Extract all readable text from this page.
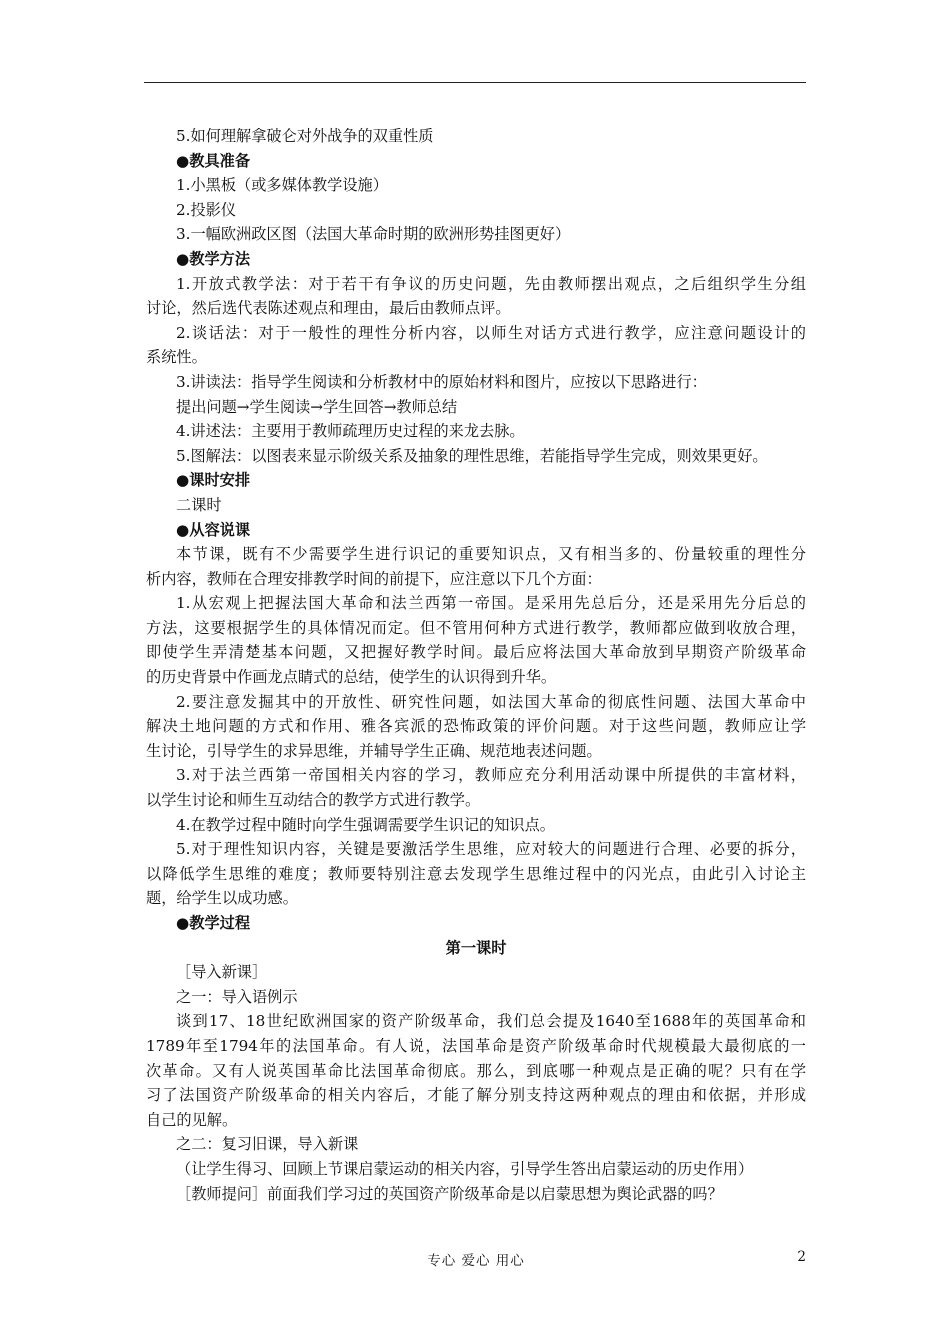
5.如何理解拿破仑对外战争的双重性质
●教具准备
1.小黑板（或多媒体教学设施）
2.投影仪
3.一幅欧洲政区图（法国大革命时期的欧洲形势挂图更好）
●教学方法
1.开放式教学法：对于若干有争议的历史问题，先由教师摆出观点，之后组织学生分组
讨论，然后选代表陈述观点和理由，最后由教师点评。
2.谈话法：对于一般性的理性分析内容，以师生对话方式进行教学，应注意问题设计的
系统性。
3.讲读法：指导学生阅读和分析教材中的原始材料和图片，应按以下思路进行：
提出问题→学生阅读→学生回答→教师总结
4.讲述法：主要用于教师疏理历史过程的来龙去脉。
5.图解法：以图表来显示阶级关系及抽象的理性思维，若能指导学生完成，则效果更好。
●课时安排
二课时
●从容说课
本节课，既有不少需要学生进行识记的重要知识点，又有相当多的、份量较重的理性分
析内容，教师在合理安排教学时间的前提下，应注意以下几个方面：
1.从宏观上把握法国大革命和法兰西第一帝国。是采用先总后分，还是采用先分后总的
方法，这要根据学生的具体情况而定。但不管用何种方式进行教学，教师都应做到收放合理，
即使学生弄清楚基本问题，又把握好教学时间。最后应将法国大革命放到早期资产阶级革命
的历史背景中作画龙点睛式的总结，使学生的认识得到升华。
2.要注意发掘其中的开放性、研究性问题，如法国大革命的彻底性问题、法国大革命中
解决土地问题的方式和作用、雅各宾派的恐怖政策的评价问题。对于这些问题，教师应让学
生讨论，引导学生的求异思维，并辅导学生正确、规范地表述问题。
3.对于法兰西第一帝国相关内容的学习，教师应充分利用活动课中所提供的丰富材料，
以学生讨论和师生互动结合的教学方式进行教学。
4.在教学过程中随时向学生强调需要学生识记的知识点。
5.对于理性知识内容，关键是要激活学生思维，应对较大的问题进行合理、必要的拆分，
以降低学生思维的难度；教师要特别注意去发现学生思维过程中的闪光点，由此引入讨论主
题，给学生以成功感。
●教学过程
第一课时
［导入新课］
之一：导入语例示
谈到17、18世纪欧洲国家的资产阶级革命，我们总会提及1640至1688年的英国革命和
1789年至1794年的法国革命。有人说，法国革命是资产阶级革命时代规模最大最彻底的一
次革命。又有人说英国革命比法国革命彻底。那么，到底哪一种观点是正确的呢？只有在学
习了法国资产阶级革命的相关内容后，才能了解分别支持这两种观点的理由和依据，并形成
自己的见解。
之二：复习旧课，导入新课
（让学生得习、回顾上节课启蒙运动的相关内容，引导学生答出启蒙运动的历史作用）
［教师提问］前面我们学习过的英国资产阶级革命是以启蒙思想为舆论武器的吗？
专心 爱心 用心	2
